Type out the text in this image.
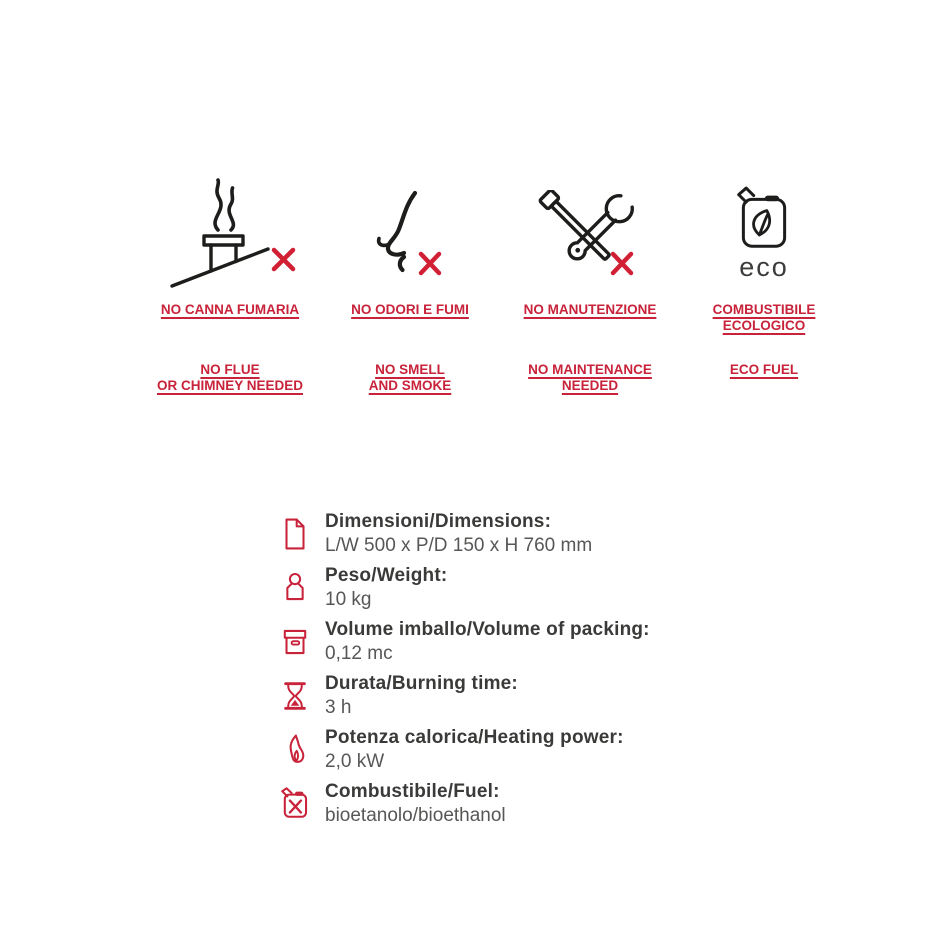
NO CANNA FUMARIA
NO FLUE
OR CHIMNEY NEEDED
NO ODORI E FUMI
NO SMELL
AND SMOKE
NO MANUTENZIONE
NO MAINTENANCE
NEEDED
eco
COMBUSTIBILE
ECOLOGICO
ECO FUEL
Dimensioni/Dimensions:
L/W 500 x P/D 150 x H 760 mm
Peso/Weight:
10 kg
Volume imballo/Volume of packing:
0,12 mc
Durata/Burning time:
3 h
Potenza calorica/Heating power:
2,0 kW
Combustibile/Fuel:
bioetanolo/bioethanol
